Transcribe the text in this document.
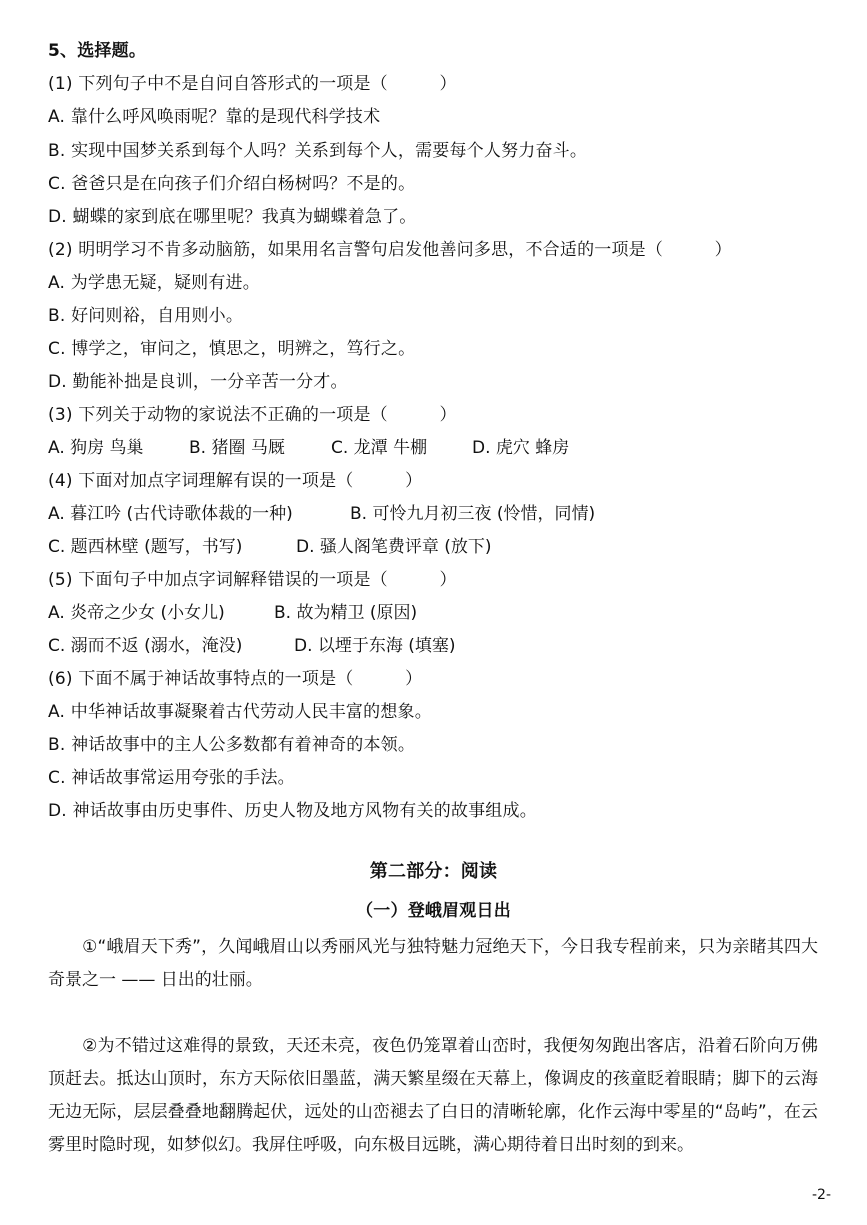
5、选择题。
(1) 下列句子中不是自问自答形式的一项是（　　　）
A. 靠什么呼风唤雨呢？靠的是现代科学技术
B. 实现中国梦关系到每个人吗？关系到每个人，需要每个人努力奋斗。
C. 爸爸只是在向孩子们介绍白杨树吗？不是的。
D. 蝴蝶的家到底在哪里呢？我真为蝴蝶着急了。
(2) 明明学习不肯多动脑筋，如果用名言警句启发他善问多思，不合适的一项是（　　　）
A. 为学患无疑，疑则有进。
B. 好问则裕，自用则小。
C. 博学之，审问之，慎思之，明辨之，笃行之。
D. 勤能补拙是良训，一分辛苦一分才。
(3) 下列关于动物的家说法不正确的一项是（　　　）
A. 狗房 鸟巢	B. 猪圈 马厩	C. 龙潭 牛棚	D. 虎穴 蜂房
(4) 下面对加点字词理解有误的一项是（　　　）
A. 暮江吟 (古代诗歌体裁的一种)	B. 可怜九月初三夜 (怜惜，同情)
C. 题西林壁 (题写，书写)	D. 骚人阁笔费评章 (放下)
(5) 下面句子中加点字词解释错误的一项是（　　　）
A. 炎帝之少女 (小女儿)	B. 故为精卫 (原因)
C. 溺而不返 (溺水，淹没)	D. 以堙于东海 (填塞)
(6) 下面不属于神话故事特点的一项是（　　　）
A. 中华神话故事凝聚着古代劳动人民丰富的想象。
B. 神话故事中的主人公多数都有着神奇的本领。
C. 神话故事常运用夸张的手法。
D. 神话故事由历史事件、历史人物及地方风物有关的故事组成。
第二部分：阅读
（一）登峨眉观日出
①“峨眉天下秀”，久闻峨眉山以秀丽风光与独特魅力冠绝天下，今日我专程前来，只为亲睹其四大奇景之一 —— 日出的壮丽。
②为不错过这难得的景致，天还未亮，夜色仍笼罩着山峦时，我便匆匆跑出客店，沿着石阶向万佛顶赶去。抵达山顶时，东方天际依旧墨蓝，满天繁星缀在天幕上，像调皮的孩童眨着眼睛；脚下的云海无边无际，层层叠叠地翻腾起伏，远处的山峦褪去了白日的清晰轮廓，化作云海中零星的“岛屿”，在云雾里时隐时现，如梦似幻。我屏住呼吸，向东极目远眺，满心期待着日出时刻的到来。
-2-
